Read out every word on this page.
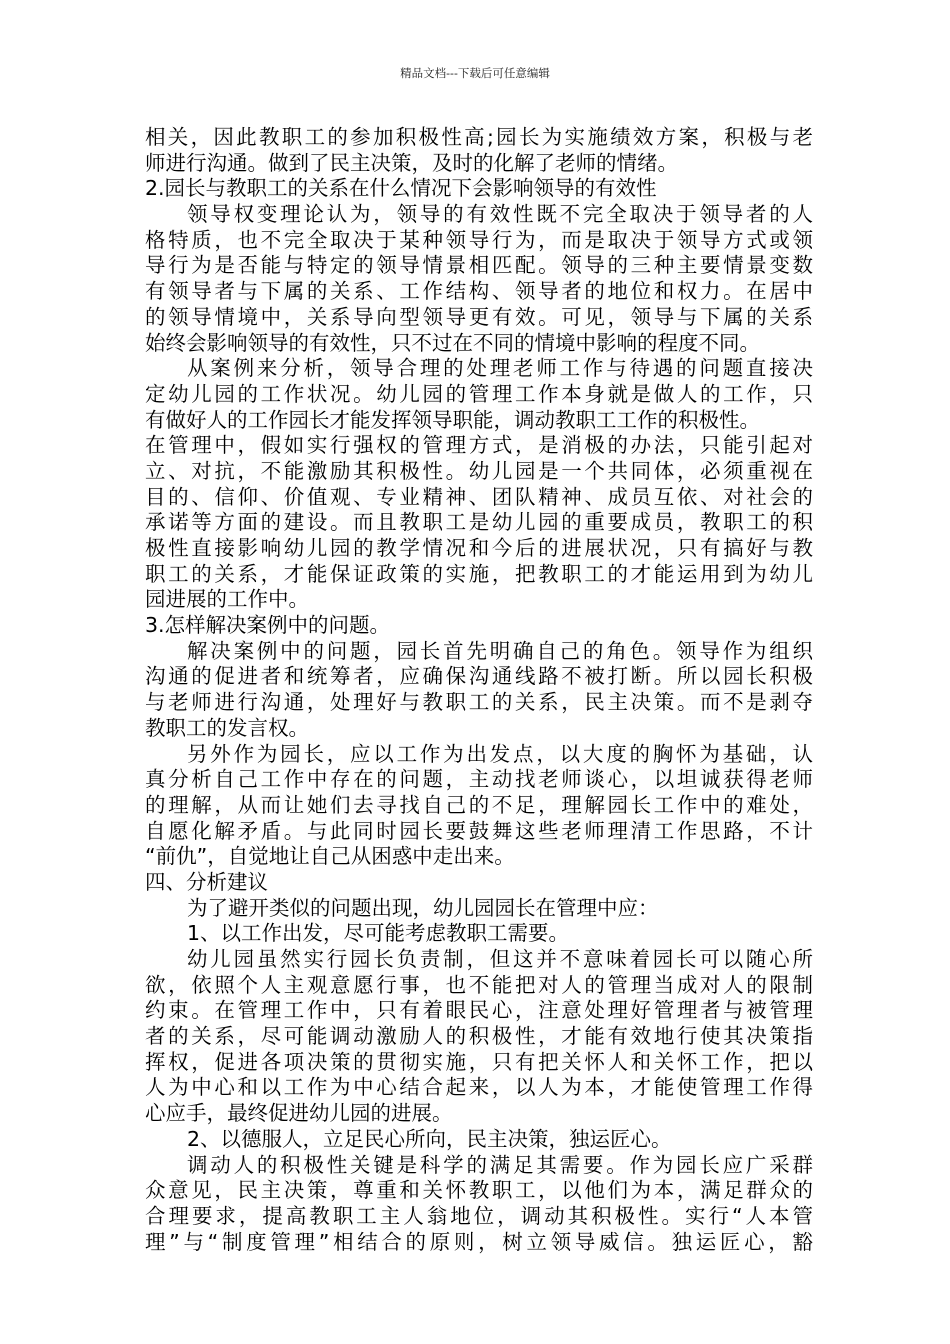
精品文档---下载后可任意编辑
相关，因此教职工的参加积极性高;园长为实施绩效方案，积极与老
师进行沟通。做到了民主决策，及时的化解了老师的情绪。
2.园长与教职工的关系在什么情况下会影响领导的有效性
领导权变理论认为，领导的有效性既不完全取决于领导者的人
格特质，也不完全取决于某种领导行为，而是取决于领导方式或领
导行为是否能与特定的领导情景相匹配。领导的三种主要情景变数
有领导者与下属的关系、工作结构、领导者的地位和权力。在居中
的领导情境中，关系导向型领导更有效。可见，领导与下属的关系
始终会影响领导的有效性，只不过在不同的情境中影响的程度不同。
从案例来分析，领导合理的处理老师工作与待遇的问题直接决
定幼儿园的工作状况。幼儿园的管理工作本身就是做人的工作，只
有做好人的工作园长才能发挥领导职能，调动教职工工作的积极性。
在管理中，假如实行强权的管理方式，是消极的办法，只能引起对
立、对抗，不能激励其积极性。幼儿园是一个共同体，必须重视在
目的、信仰、价值观、专业精神、团队精神、成员互依、对社会的
承诺等方面的建设。而且教职工是幼儿园的重要成员，教职工的积
极性直接影响幼儿园的教学情况和今后的进展状况，只有搞好与教
职工的关系，才能保证政策的实施，把教职工的才能运用到为幼儿
园进展的工作中。
3.怎样解决案例中的问题。
解决案例中的问题，园长首先明确自己的角色。领导作为组织
沟通的促进者和统筹者，应确保沟通线路不被打断。所以园长积极
与老师进行沟通，处理好与教职工的关系，民主决策。而不是剥夺
教职工的发言权。
另外作为园长，应以工作为出发点，以大度的胸怀为基础，认
真分析自己工作中存在的问题，主动找老师谈心，以坦诚获得老师
的理解，从而让她们去寻找自己的不足，理解园长工作中的难处，
自愿化解矛盾。与此同时园长要鼓舞这些老师理清工作思路，不计
“前仇”，自觉地让自己从困惑中走出来。
四、分析建议
为了避开类似的问题出现，幼儿园园长在管理中应：
1、以工作出发，尽可能考虑教职工需要。
幼儿园虽然实行园长负责制，但这并不意味着园长可以随心所
欲，依照个人主观意愿行事，也不能把对人的管理当成对人的限制
约束。在管理工作中，只有着眼民心，注意处理好管理者与被管理
者的关系，尽可能调动激励人的积极性，才能有效地行使其决策指
挥权，促进各项决策的贯彻实施，只有把关怀人和关怀工作，把以
人为中心和以工作为中心结合起来，以人为本，才能使管理工作得
心应手，最终促进幼儿园的进展。
2、以德服人，立足民心所向，民主决策，独运匠心。
调动人的积极性关键是科学的满足其需要。作为园长应广采群
众意见，民主决策，尊重和关怀教职工，以他们为本，满足群众的
合理要求，提高教职工主人翁地位，调动其积极性。实行“人本管
理”与“制度管理”相结合的原则，树立领导威信。独运匠心，豁
